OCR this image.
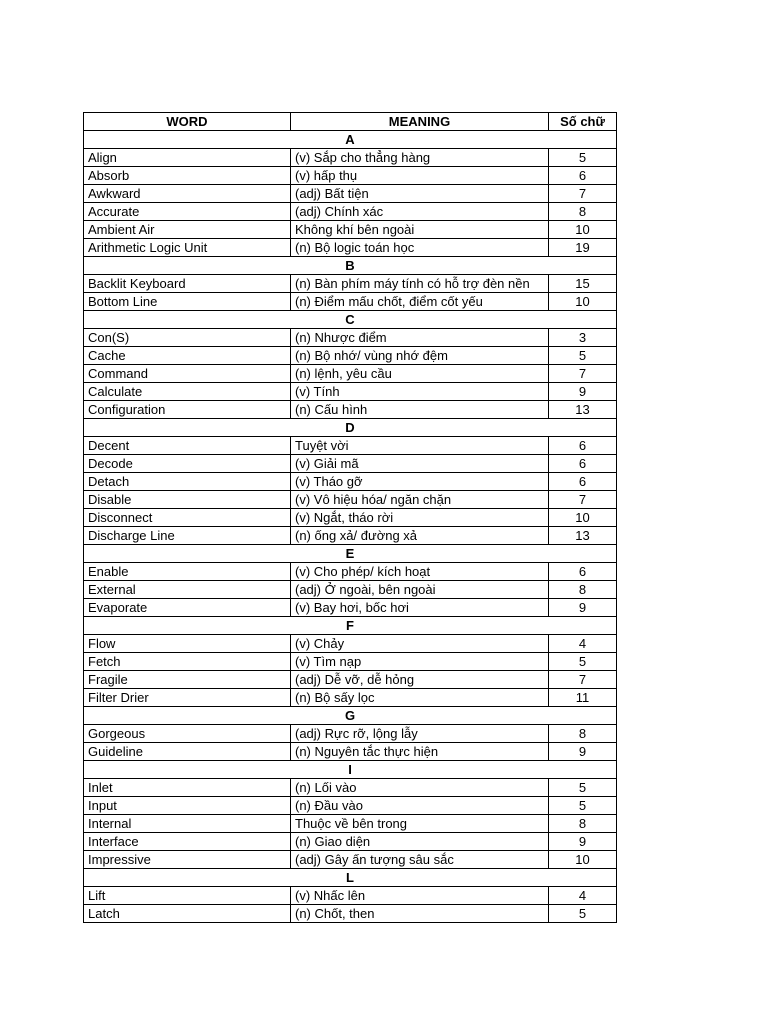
WORD	MEANING	Số chữ
A		
Align	(v) Sắp cho thẳng hàng	5
Absorb	(v) hấp thụ	6
Awkward	(adj) Bất tiện	7
Accurate	(adj) Chính xác	8
Ambient Air	Không khí bên ngoài	10
Arithmetic Logic Unit	(n) Bộ logic toán học	19
B		
Backlit Keyboard	(n) Bàn phím máy tính có hỗ trợ đèn nền	15
Bottom Line	(n) Điểm mấu chốt, điểm cốt yếu	10
C		
Con(S)	(n) Nhược điểm	3
Cache	(n) Bộ nhớ/ vùng nhớ đệm	5
Command	(n) lệnh, yêu cầu	7
Calculate	(v) Tính	9
Configuration	(n) Cấu hình	13
D		
Decent	Tuyệt vời	6
Decode	(v) Giải mã	6
Detach	(v) Tháo gỡ	6
Disable	(v) Vô hiệu hóa/ ngăn chặn	7
Disconnect	(v) Ngắt, tháo rời	10
Discharge Line	(n) ống xả/ đường xả	13
E		
Enable	(v) Cho phép/ kích hoạt	6
External	(adj) Ở ngoài, bên ngoài	8
Evaporate	(v) Bay hơi, bốc hơi	9
F		
Flow	(v) Chảy	4
Fetch	(v) Tìm nạp	5
Fragile	(adj) Dễ vỡ, dễ hỏng	7
Filter Drier	(n) Bộ sấy lọc	11
G		
Gorgeous	(adj) Rực rỡ, lộng lẫy	8
Guideline	(n) Nguyên tắc thực hiện	9
I		
Inlet	(n) Lối vào	5
Input	(n) Đầu vào	5
Internal	Thuộc về bên trong	8
Interface	(n) Giao diện	9
Impressive	(adj) Gây ấn tượng sâu sắc	10
L		
Lift	(v) Nhấc lên	4
Latch	(n) Chốt, then	5
